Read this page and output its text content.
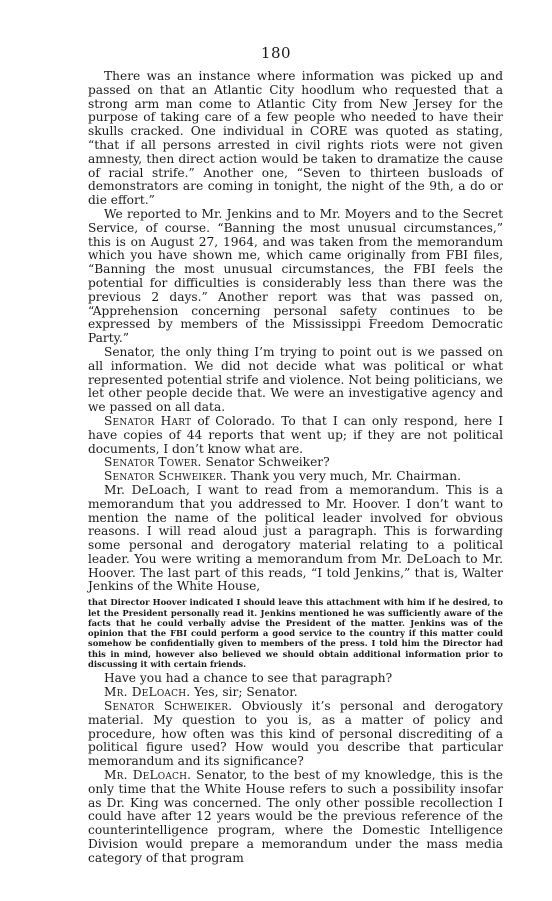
180

There was an instance where information was picked up and passed on that an Atlantic City hoodlum who requested that a strong arm man come to Atlantic City from New Jersey for the purpose of taking care of a few people who needed to have their skulls cracked. One individual in CORE was quoted as stating, “that if all persons arrested in civil rights riots were not given amnesty, then direct action would be taken to dramatize the cause of racial strife.” Another one, “Seven to thirteen busloads of demonstrators are coming in tonight, the night of the 9th, a do or die effort.”

We reported to Mr. Jenkins and to Mr. Moyers and to the Secret Service, of course. “Banning the most unusual circumstances,” this is on August 27, 1964, and was taken from the memorandum which you have shown me, which came originally from FBI files, “Banning the most unusual circumstances, the FBI feels the potential for difficulties is considerably less than there was the previous 2 days.” Another report was that was passed on, “Apprehension concerning personal safety continues to be expressed by members of the Mississippi Freedom Democratic Party.”

Senator, the only thing I’m trying to point out is we passed on all information. We did not decide what was political or what represented potential strife and violence. Not being politicians, we let other people decide that. We were an investigative agency and we passed on all data.

Senator Hart of Colorado. To that I can only respond, here I have copies of 44 reports that went up; if they are not political documents, I don’t know what are.

Senator Tower. Senator Schweiker?

Senator Schweiker. Thank you very much, Mr. Chairman.

Mr. DeLoach, I want to read from a memorandum. This is a memorandum that you addressed to Mr. Hoover. I don’t want to mention the name of the political leader involved for obvious reasons. I will read aloud just a paragraph. This is forwarding some personal and derogatory material relating to a political leader. You were writing a memorandum from Mr. DeLoach to Mr. Hoover. The last part of this reads, “I told Jenkins,” that is, Walter Jenkins of the White House,

that Director Hoover indicated I should leave this attachment with him if he desired, to let the President personally read it. Jenkins mentioned he was sufficiently aware of the facts that he could verbally advise the President of the matter. Jenkins was of the opinion that the FBI could perform a good service to the country if this matter could somehow be confidentially given to members of the press. I told him the Director had this in mind, however also believed we should obtain additional information prior to discussing it with certain friends.

Have you had a chance to see that paragraph?

Mr. DeLoach. Yes, sir; Senator.

Senator Schweiker. Obviously it’s personal and derogatory material. My question to you is, as a matter of policy and procedure, how often was this kind of personal discrediting of a political figure used? How would you describe that particular memorandum and its significance?

Mr. DeLoach. Senator, to the best of my knowledge, this is the only time that the White House refers to such a possibility insofar as Dr. King was concerned. The only other possible recollection I could have after 12 years would be the previous reference of the counterintelligence program, where the Domestic Intelligence Division would prepare a memorandum under the mass media category of that program
